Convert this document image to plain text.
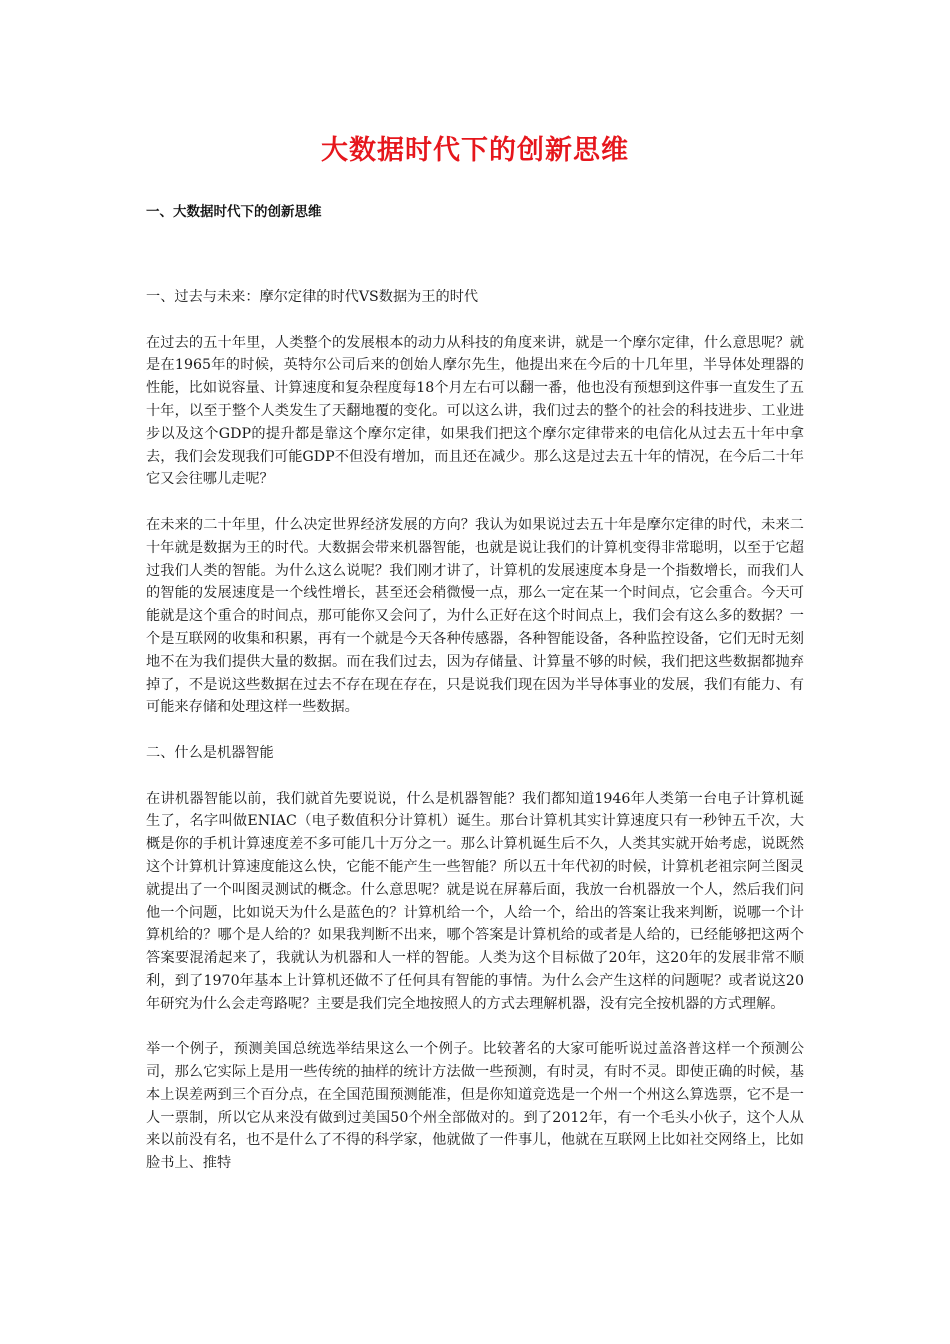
大数据时代下的创新思维
一、大数据时代下的创新思维
一、过去与未来：摩尔定律的时代VS数据为王的时代

在过去的五十年里，人类整个的发展根本的动力从科技的角度来讲，就是一个摩尔定律，什么意思呢？就是在1965年的时候，英特尔公司后来的创始人摩尔先生，他提出来在今后的十几年里，半导体处理器的性能，比如说容量、计算速度和复杂程度每18个月左右可以翻一番，他也没有预想到这件事一直发生了五十年，以至于整个人类发生了天翻地覆的变化。可以这么讲，我们过去的整个的社会的科技进步、工业进步以及这个GDP的提升都是靠这个摩尔定律，如果我们把这个摩尔定律带来的电信化从过去五十年中拿去，我们会发现我们可能GDP不但没有增加，而且还在减少。那么这是过去五十年的情况，在今后二十年它又会往哪儿走呢？

在未来的二十年里，什么决定世界经济发展的方向？我认为如果说过去五十年是摩尔定律的时代，未来二十年就是数据为王的时代。大数据会带来机器智能，也就是说让我们的计算机变得非常聪明，以至于它超过我们人类的智能。为什么这么说呢？我们刚才讲了，计算机的发展速度本身是一个指数增长，而我们人的智能的发展速度是一个线性增长，甚至还会稍微慢一点，那么一定在某一个时间点，它会重合。今天可能就是这个重合的时间点，那可能你又会问了，为什么正好在这个时间点上，我们会有这么多的数据？一个是互联网的收集和积累，再有一个就是今天各种传感器，各种智能设备，各种监控设备，它们无时无刻地不在为我们提供大量的数据。而在我们过去，因为存储量、计算量不够的时候，我们把这些数据都抛弃掉了，不是说这些数据在过去不存在现在存在，只是说我们现在因为半导体事业的发展，我们有能力、有可能来存储和处理这样一些数据。

二、什么是机器智能

在讲机器智能以前，我们就首先要说说，什么是机器智能？我们都知道1946年人类第一台电子计算机诞生了，名字叫做ENIAC（电子数值积分计算机）诞生。那台计算机其实计算速度只有一秒钟五千次，大概是你的手机计算速度差不多可能几十万分之一。那么计算机诞生后不久，人类其实就开始考虑，说既然这个计算机计算速度能这么快，它能不能产生一些智能？所以五十年代初的时候，计算机老祖宗阿兰图灵就提出了一个叫图灵测试的概念。什么意思呢？就是说在屏幕后面，我放一台机器放一个人，然后我们问他一个问题，比如说天为什么是蓝色的？计算机给一个，人给一个，给出的答案让我来判断，说哪一个计算机给的？哪个是人给的？如果我判断不出来，哪个答案是计算机给的或者是人给的，已经能够把这两个答案要混淆起来了，我就认为机器和人一样的智能。人类为这个目标做了20年，这20年的发展非常不顺利，到了1970年基本上计算机还做不了任何具有智能的事情。为什么会产生这样的问题呢？或者说这20年研究为什么会走弯路呢？主要是我们完全地按照人的方式去理解机器，没有完全按机器的方式理解。

举一个例子，预测美国总统选举结果这么一个例子。比较著名的大家可能听说过盖洛普这样一个预测公司，那么它实际上是用一些传统的抽样的统计方法做一些预测，有时灵，有时不灵。即使正确的时候，基本上误差两到三个百分点，在全国范围预测能准，但是你知道竞选是一个州一个州这么算选票，它不是一人一票制，所以它从来没有做到过美国50个州全部做对的。到了2012年，有一个毛头小伙子，这个人从来以前没有名，也不是什么了不得的科学家，他就做了一件事儿，他就在互联网上比如社交网络上，比如脸书上、推特
